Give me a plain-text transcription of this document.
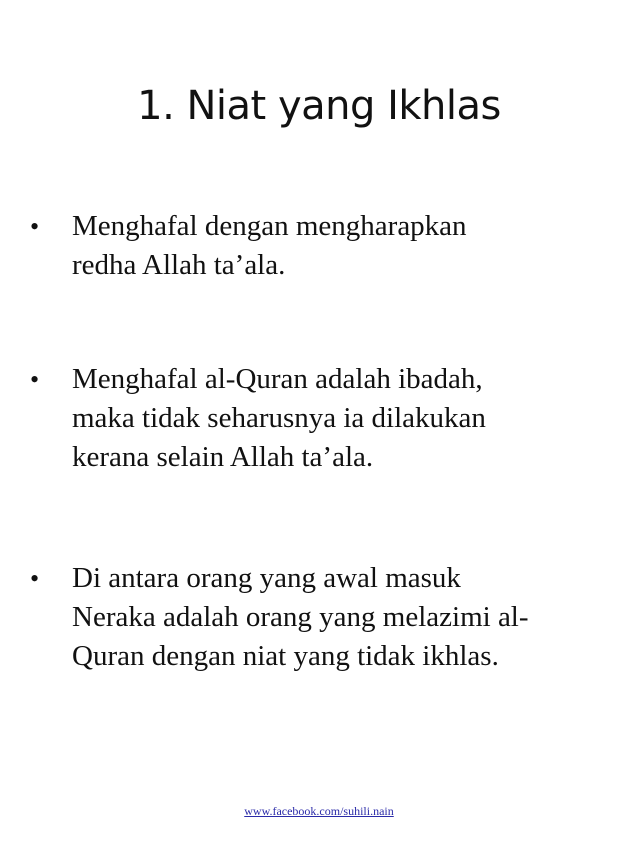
1. Niat yang Ikhlas
• Menghafal dengan mengharapkan
redha Allah ta’ala.
• Menghafal al-Quran adalah ibadah,
maka tidak seharusnya ia dilakukan
kerana selain Allah ta’ala.
• Di antara orang yang awal masuk
Neraka adalah orang yang melazimi al-
Quran dengan niat yang tidak ikhlas.
www.facebook.com/suhili.nain
